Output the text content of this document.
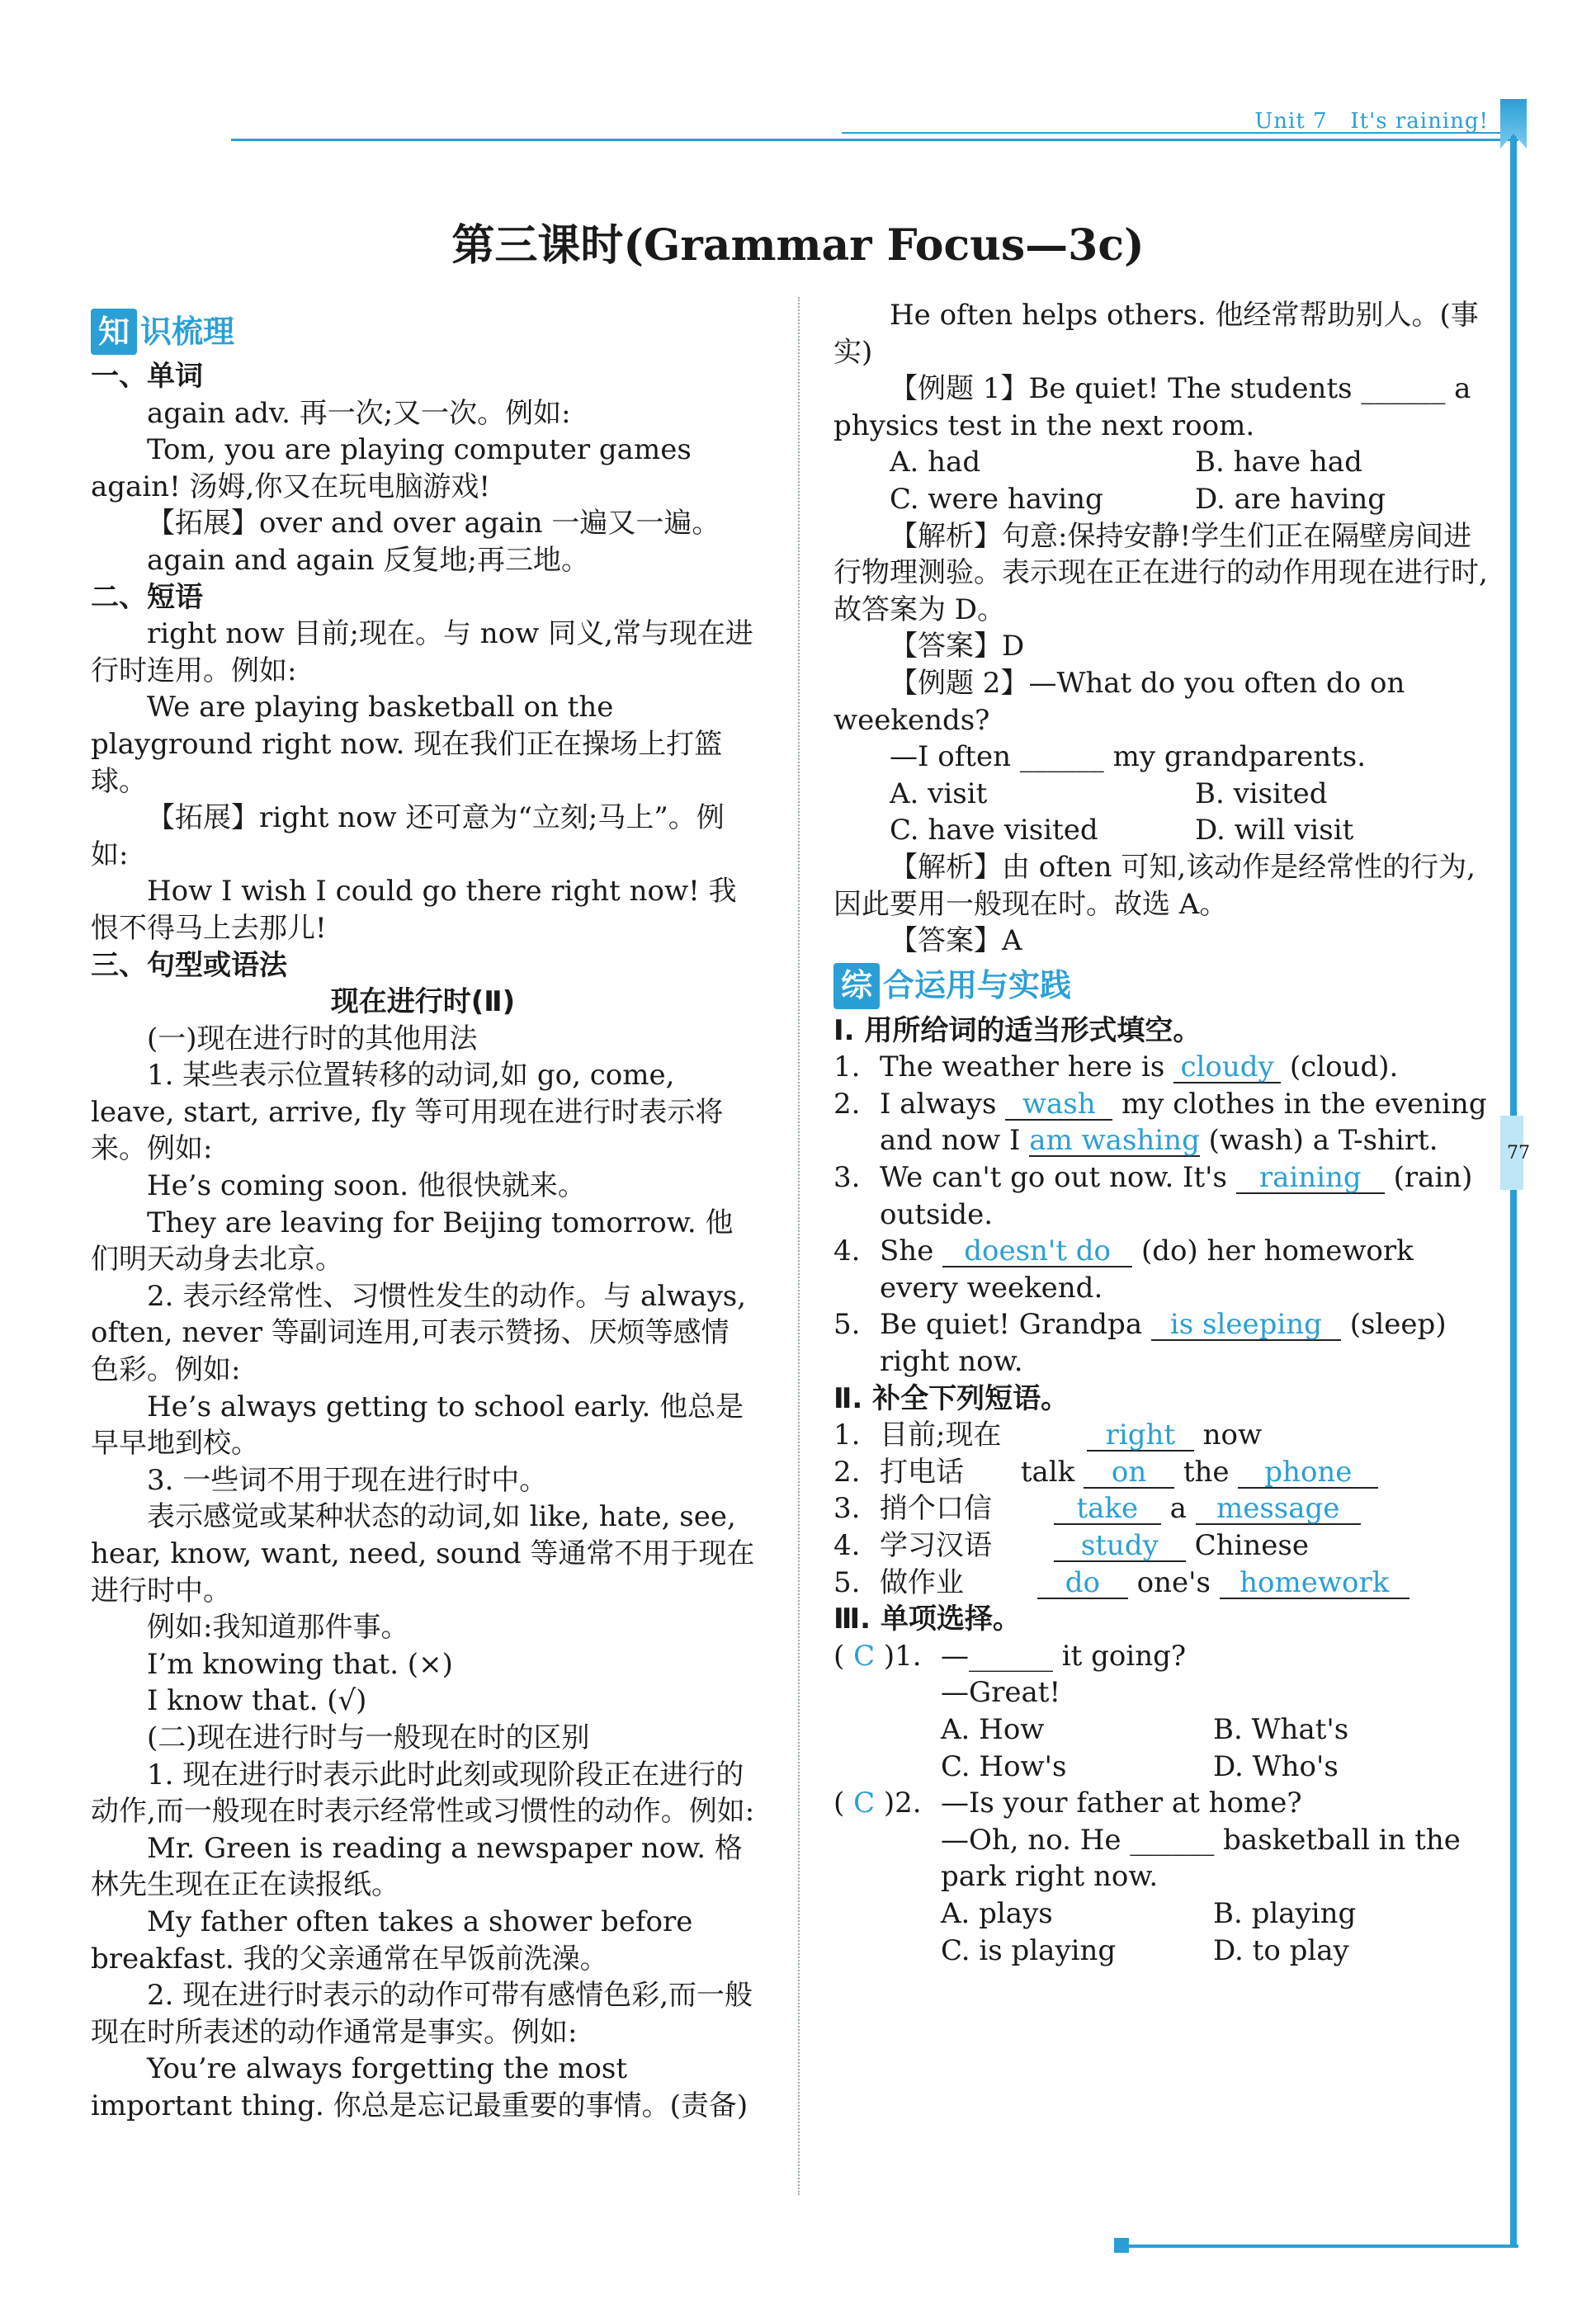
Unit 7 It's raining!
77
第三课时(Grammar Focus—3c)
知 识梳理

一、单词

again adv. 再一次;又一次。例如:

Tom, you are playing computer games again! 汤姆,你又在玩电脑游戏!

【拓展】over and over again 一遍又一遍。

again and again 反复地;再三地。

二、短语

right now 目前;现在。与 now 同义,常与现在进行时连用。例如:

We are playing basketball on the playground right now. 现在我们正在操场上打篮球。

【拓展】right now 还可意为“立刻;马上”。例如:

How I wish I could go there right now! 我恨不得马上去那儿!

三、句型或语法

现在进行时(Ⅱ)

(一)现在进行时的其他用法

1. 某些表示位置转移的动词,如 go, come, leave, start, arrive, fly 等可用现在进行时表示将来。例如:

He’s coming soon. 他很快就来。

They are leaving for Beijing tomorrow. 他们明天动身去北京。

2. 表示经常性、习惯性发生的动作。与 always, often, never 等副词连用,可表示赞扬、厌烦等感情色彩。例如:

He’s always getting to school early. 他总是早早地到校。

3. 一些词不用于现在进行时中。

表示感觉或某种状态的动词,如 like, hate, see, hear, know, want, need, sound 等通常不用于现在进行时中。

例如:我知道那件事。

I’m knowing that. (×)

I know that. (√)

(二)现在进行时与一般现在时的区别

1. 现在进行时表示此时此刻或现阶段正在进行的动作,而一般现在时表示经常性或习惯性的动作。例如:

Mr. Green is reading a newspaper now. 格林先生现在正在读报纸。

My father often takes a shower before breakfast. 我的父亲通常在早饭前洗澡。

2. 现在进行时表示的动作可带有感情色彩,而一般现在时所表述的动作通常是事实。例如:

You’re always forgetting the most important thing. 你总是忘记最重要的事情。(责备)

He often helps others. 他经常帮助别人。(事实)

【例题 1】Be quiet! The students ______ a physics test in the next room.

A. had	B. have had
C. were having	D. are having

【解析】句意:保持安静!学生们正在隔壁房间进行物理测验。表示现在正在进行的动作用现在进行时,故答案为 D。

【答案】D

【例题 2】—What do you often do on weekends?

—I often ______ my grandparents.

A. visit	B. visited
C. have visited	D. will visit

【解析】由 often 可知,该动作是经常性的行为,因此要用一般现在时。故选 A。

【答案】A

综 合运用与实践

Ⅰ. 用所给词的适当形式填空。

1. The weather here is cloudy (cloud).
2. I always wash my clothes in the evening and now I am washing (wash) a T-shirt.
3. We can't go out now. It's raining (rain) outside.
4. She doesn't do (do) her homework every weekend.
5. Be quiet! Grandpa is sleeping (sleep) right now.

Ⅱ. 补全下列短语。

1. 目前;现在	right now
2. 打电话 talk on the phone
3. 捎个口信	take a message
4. 学习汉语	study Chinese
5. 做作业	do one's homework

Ⅲ. 单项选择。

( C )1. —______ it going?

—Great!

A. How	B. What's
C. How's	D. Who's
( C )2. —Is your father at home?

—Oh, no. He ______ basketball in the park right now.

A. plays	B. playing
C. is playing	D. to play
